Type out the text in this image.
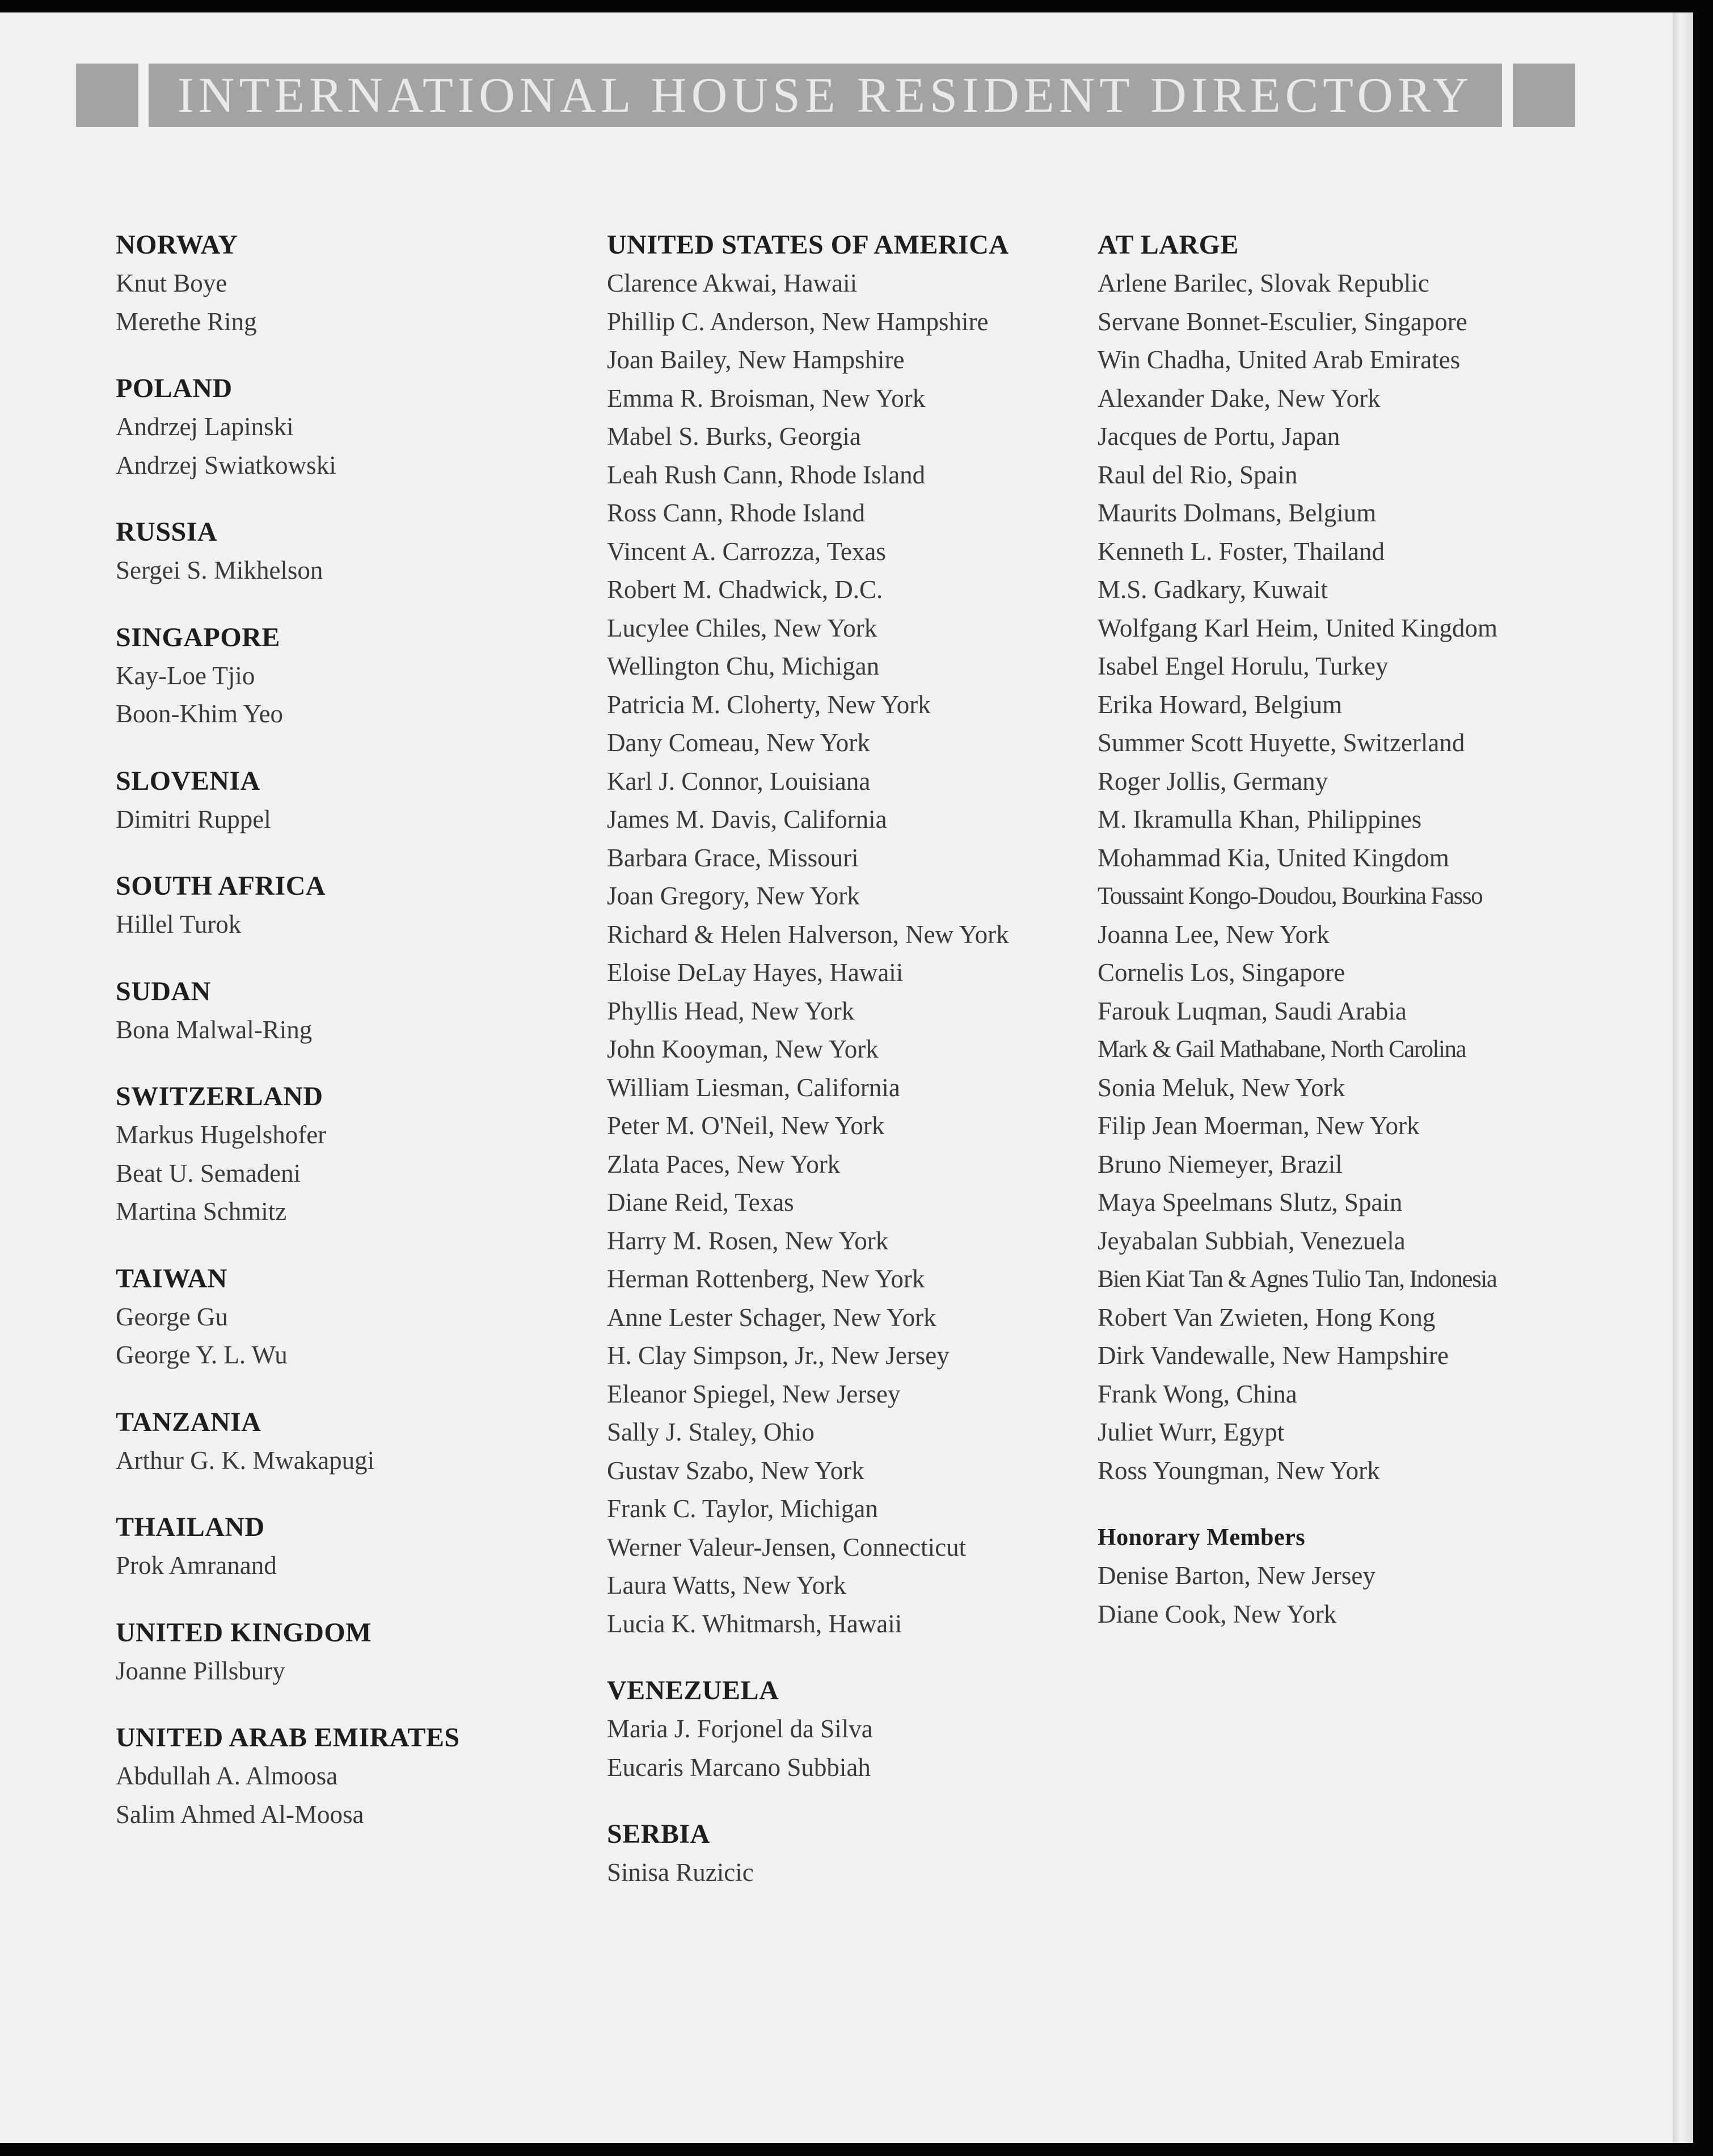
INTERNATIONAL HOUSE RESIDENT DIRECTORY
NORWAY
Knut Boye
Merethe Ring
POLAND
Andrzej Lapinski
Andrzej Swiatkowski
RUSSIA
Sergei S. Mikhelson
SINGAPORE
Kay-Loe Tjio
Boon-Khim Yeo
SLOVENIA
Dimitri Ruppel
SOUTH AFRICA
Hillel Turok
SUDAN
Bona Malwal-Ring
SWITZERLAND
Markus Hugelshofer
Beat U. Semadeni
Martina Schmitz
TAIWAN
George Gu
George Y. L. Wu
TANZANIA
Arthur G. K. Mwakapugi
THAILAND
Prok Amranand
UNITED KINGDOM
Joanne Pillsbury
UNITED ARAB EMIRATES
Abdullah A. Almoosa
Salim Ahmed Al-Moosa
UNITED STATES OF AMERICA
Clarence Akwai, Hawaii
Phillip C. Anderson, New Hampshire
Joan Bailey, New Hampshire
Emma R. Broisman, New York
Mabel S. Burks, Georgia
Leah Rush Cann, Rhode Island
Ross Cann, Rhode Island
Vincent A. Carrozza, Texas
Robert M. Chadwick, D.C.
Lucylee Chiles, New York
Wellington Chu, Michigan
Patricia M. Cloherty, New York
Dany Comeau, New York
Karl J. Connor, Louisiana
James M. Davis, California
Barbara Grace, Missouri
Joan Gregory, New York
Richard & Helen Halverson, New York
Eloise DeLay Hayes, Hawaii
Phyllis Head, New York
John Kooyman, New York
William Liesman, California
Peter M. O'Neil, New York
Zlata Paces, New York
Diane Reid, Texas
Harry M. Rosen, New York
Herman Rottenberg, New York
Anne Lester Schager, New York
H. Clay Simpson, Jr., New Jersey
Eleanor Spiegel, New Jersey
Sally J. Staley, Ohio
Gustav Szabo, New York
Frank C. Taylor, Michigan
Werner Valeur-Jensen, Connecticut
Laura Watts, New York
Lucia K. Whitmarsh, Hawaii
VENEZUELA
Maria J. Forjonel da Silva
Eucaris Marcano Subbiah
SERBIA
Sinisa Ruzicic
AT LARGE
Arlene Barilec, Slovak Republic
Servane Bonnet-Esculier, Singapore
Win Chadha, United Arab Emirates
Alexander Dake, New York
Jacques de Portu, Japan
Raul del Rio, Spain
Maurits Dolmans, Belgium
Kenneth L. Foster, Thailand
M.S. Gadkary, Kuwait
Wolfgang Karl Heim, United Kingdom
Isabel Engel Horulu, Turkey
Erika Howard, Belgium
Summer Scott Huyette, Switzerland
Roger Jollis, Germany
M. Ikramulla Khan, Philippines
Mohammad Kia, United Kingdom
Toussaint Kongo-Doudou, Bourkina Fasso
Joanna Lee, New York
Cornelis Los, Singapore
Farouk Luqman, Saudi Arabia
Mark & Gail Mathabane, North Carolina
Sonia Meluk, New York
Filip Jean Moerman, New York
Bruno Niemeyer, Brazil
Maya Speelmans Slutz, Spain
Jeyabalan Subbiah, Venezuela
Bien Kiat Tan & Agnes Tulio Tan, Indonesia
Robert Van Zwieten, Hong Kong
Dirk Vandewalle, New Hampshire
Frank Wong, China
Juliet Wurr, Egypt
Ross Youngman, New York
Honorary Members
Denise Barton, New Jersey
Diane Cook, New York
